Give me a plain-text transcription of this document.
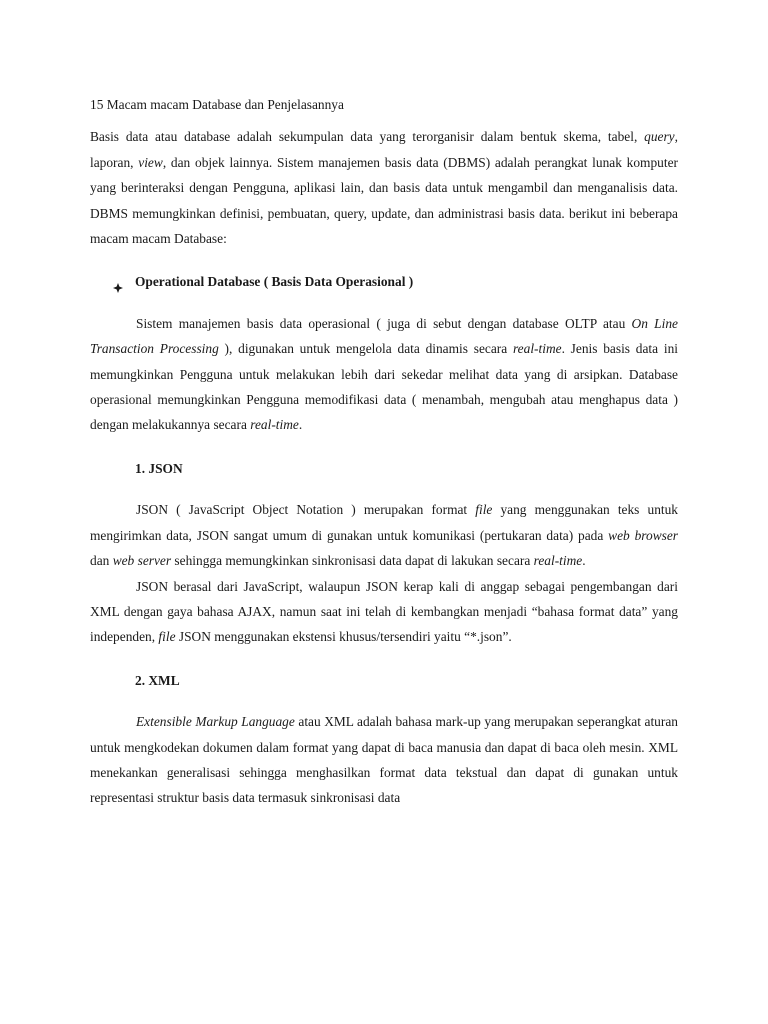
15 Macam macam Database dan Penjelasannya

Basis data atau database adalah sekumpulan data yang terorganisir dalam bentuk skema, tabel, query, laporan, view, dan objek lainnya. Sistem manajemen basis data (DBMS) adalah perangkat lunak komputer yang berinteraksi dengan Pengguna, aplikasi lain, dan basis data untuk mengambil dan menganalisis data. DBMS memungkinkan definisi, pembuatan, query, update, dan administrasi basis data. berikut ini beberapa macam macam Database:

Operational Database ( Basis Data Operasional )

Sistem manajemen basis data operasional ( juga di sebut dengan database OLTP atau On Line Transaction Processing ), digunakan untuk mengelola data dinamis secara real-time. Jenis basis data ini memungkinkan Pengguna untuk melakukan lebih dari sekedar melihat data yang di arsipkan. Database operasional memungkinkan Pengguna memodifikasi data ( menambah, mengubah atau menghapus data ) dengan melakukannya secara real-time.

1. JSON

JSON ( JavaScript Object Notation ) merupakan format file yang menggunakan teks untuk mengirimkan data, JSON sangat umum di gunakan untuk komunikasi (pertukaran data) pada web browser dan web server sehingga memungkinkan sinkronisasi data dapat di lakukan secara real-time.

JSON berasal dari JavaScript, walaupun JSON kerap kali di anggap sebagai pengembangan dari XML dengan gaya bahasa AJAX, namun saat ini telah di kembangkan menjadi “bahasa format data” yang independen, file JSON menggunakan ekstensi khusus/tersendiri yaitu “*.json”.

2. XML

Extensible Markup Language atau XML adalah bahasa mark-up yang merupakan seperangkat aturan untuk mengkodekan dokumen dalam format yang dapat di baca manusia dan dapat di baca oleh mesin. XML menekankan generalisasi sehingga menghasilkan format data tekstual dan dapat di gunakan untuk representasi struktur basis data termasuk sinkronisasi data
